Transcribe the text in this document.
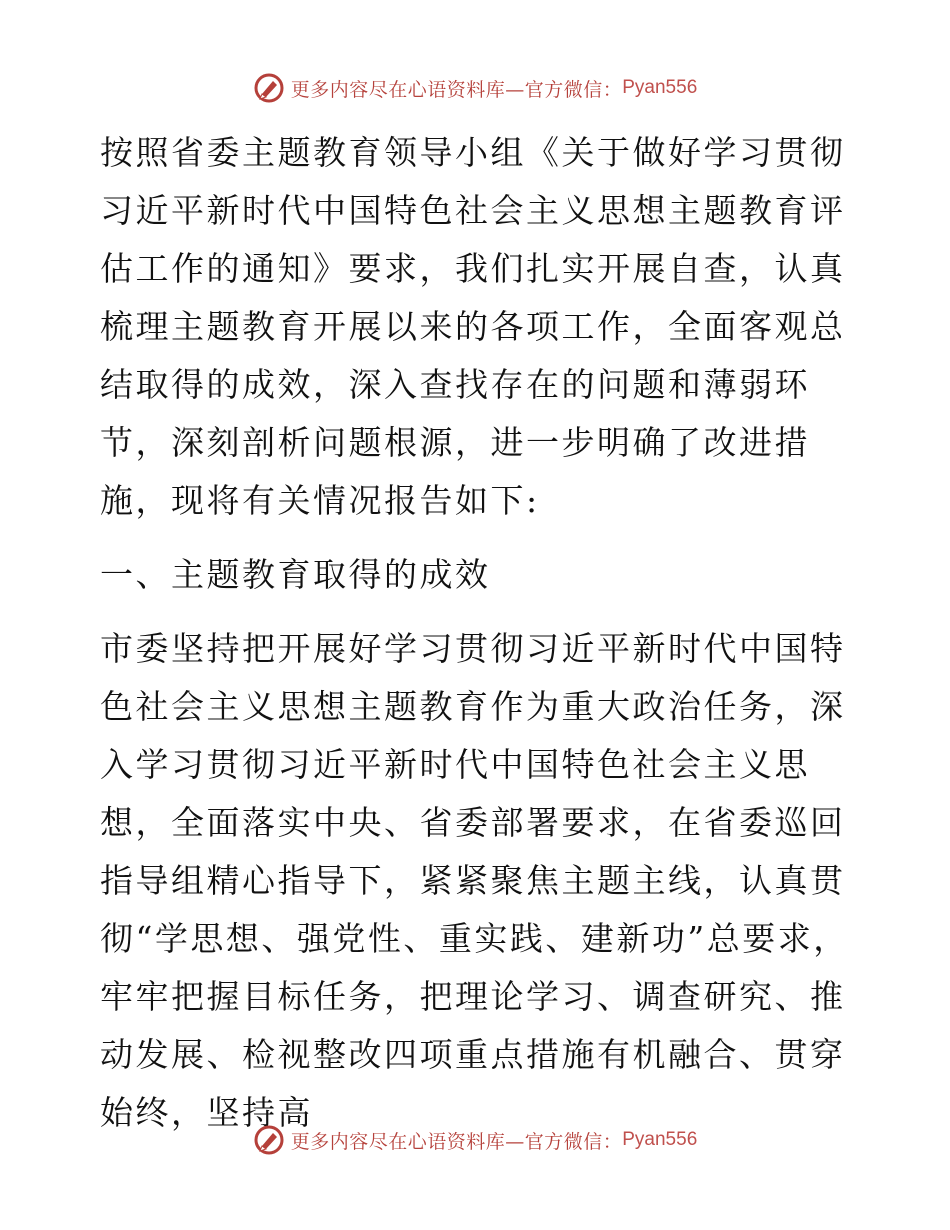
更多内容尽在心语资料库—官方微信： Pyan556

按照省委主题教育领导小组《关于做好学习贯彻习近平新时代中国特色社会主义思想主题教育评估工作的通知》要求，我们扎实开展自查，认真梳理主题教育开展以来的各项工作，全面客观总结取得的成效，深入查找存在的问题和薄弱环节，深刻剖析问题根源，进一步明确了改进措施，现将有关情况报告如下:

一、主题教育取得的成效

市委坚持把开展好学习贯彻习近平新时代中国特色社会主义思想主题教育作为重大政治任务，深入学习贯彻习近平新时代中国特色社会主义思想，全面落实中央、省委部署要求，在省委巡回指导组精心指导下，紧紧聚焦主题主线，认真贯彻“学思想、强党性、重实践、建新功”总要求，牢牢把握目标任务，把理论学习、调查研究、推动发展、检视整改四项重点措施有机融合、贯穿始终，坚持高

更多内容尽在心语资料库—官方微信： Pyan556
